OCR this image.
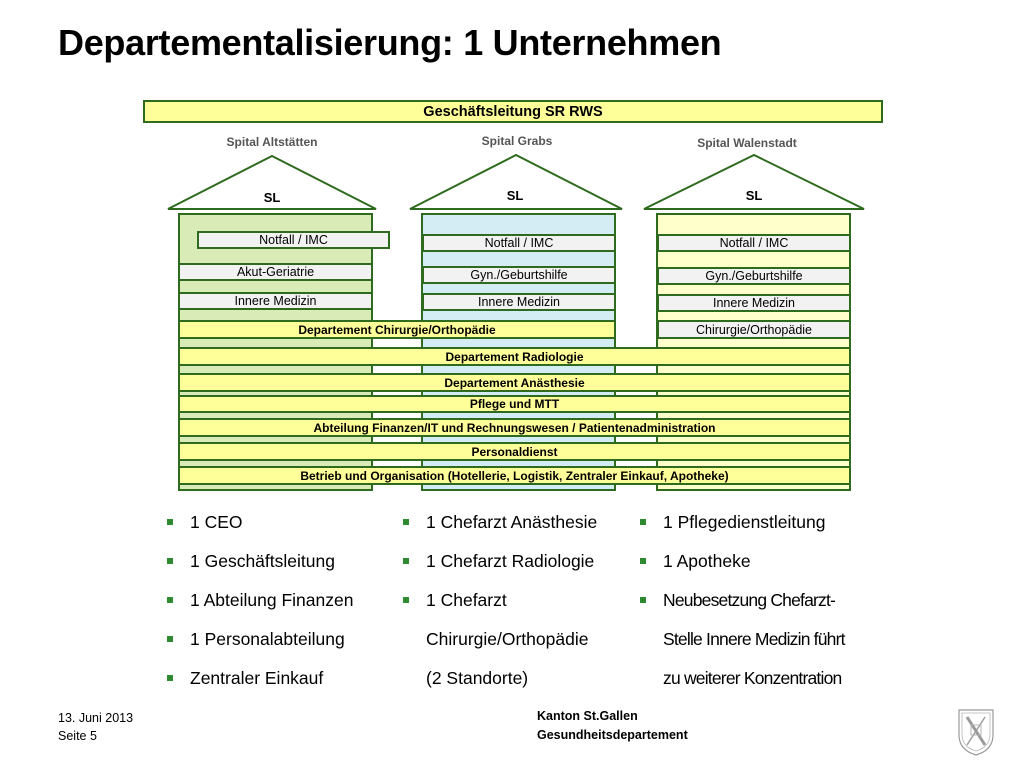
Departementalisierung: 1 Unternehmen
Geschäftsleitung SR RWS
Spital Altstätten	Spital Grabs	Spital Walenstadt
SL	SL	SL
Notfall / IMC
Akut-Geriatrie
Innere Medizin
Notfall / IMC
Gyn./Geburtshilfe
Innere Medizin
Notfall / IMC
Gyn./Geburtshilfe
Innere Medizin
Chirurgie/Orthopädie
Departement Chirurgie/Orthopädie
Departement Radiologie
Departement Anästhesie
Pflege und MTT
Abteilung Finanzen/IT und Rechnungswesen / Patientenadministration
Personaldienst
Betrieb und Organisation (Hotellerie, Logistik, Zentraler Einkauf, Apotheke)
1 CEO
1 Geschäftsleitung
1 Abteilung Finanzen
1 Personalabteilung
Zentraler Einkauf
1 Chefarzt Anästhesie
1 Chefarzt Radiologie
1 Chefarzt
Chirurgie/Orthopädie
(2 Standorte)
1 Pflegedienstleitung
1 Apotheke
Neubesetzung Chefarzt-
Stelle Innere Medizin führt
zu weiterer Konzentration
13. Juni 2013
Seite 5
Kanton St.Gallen
Gesundheitsdepartement
